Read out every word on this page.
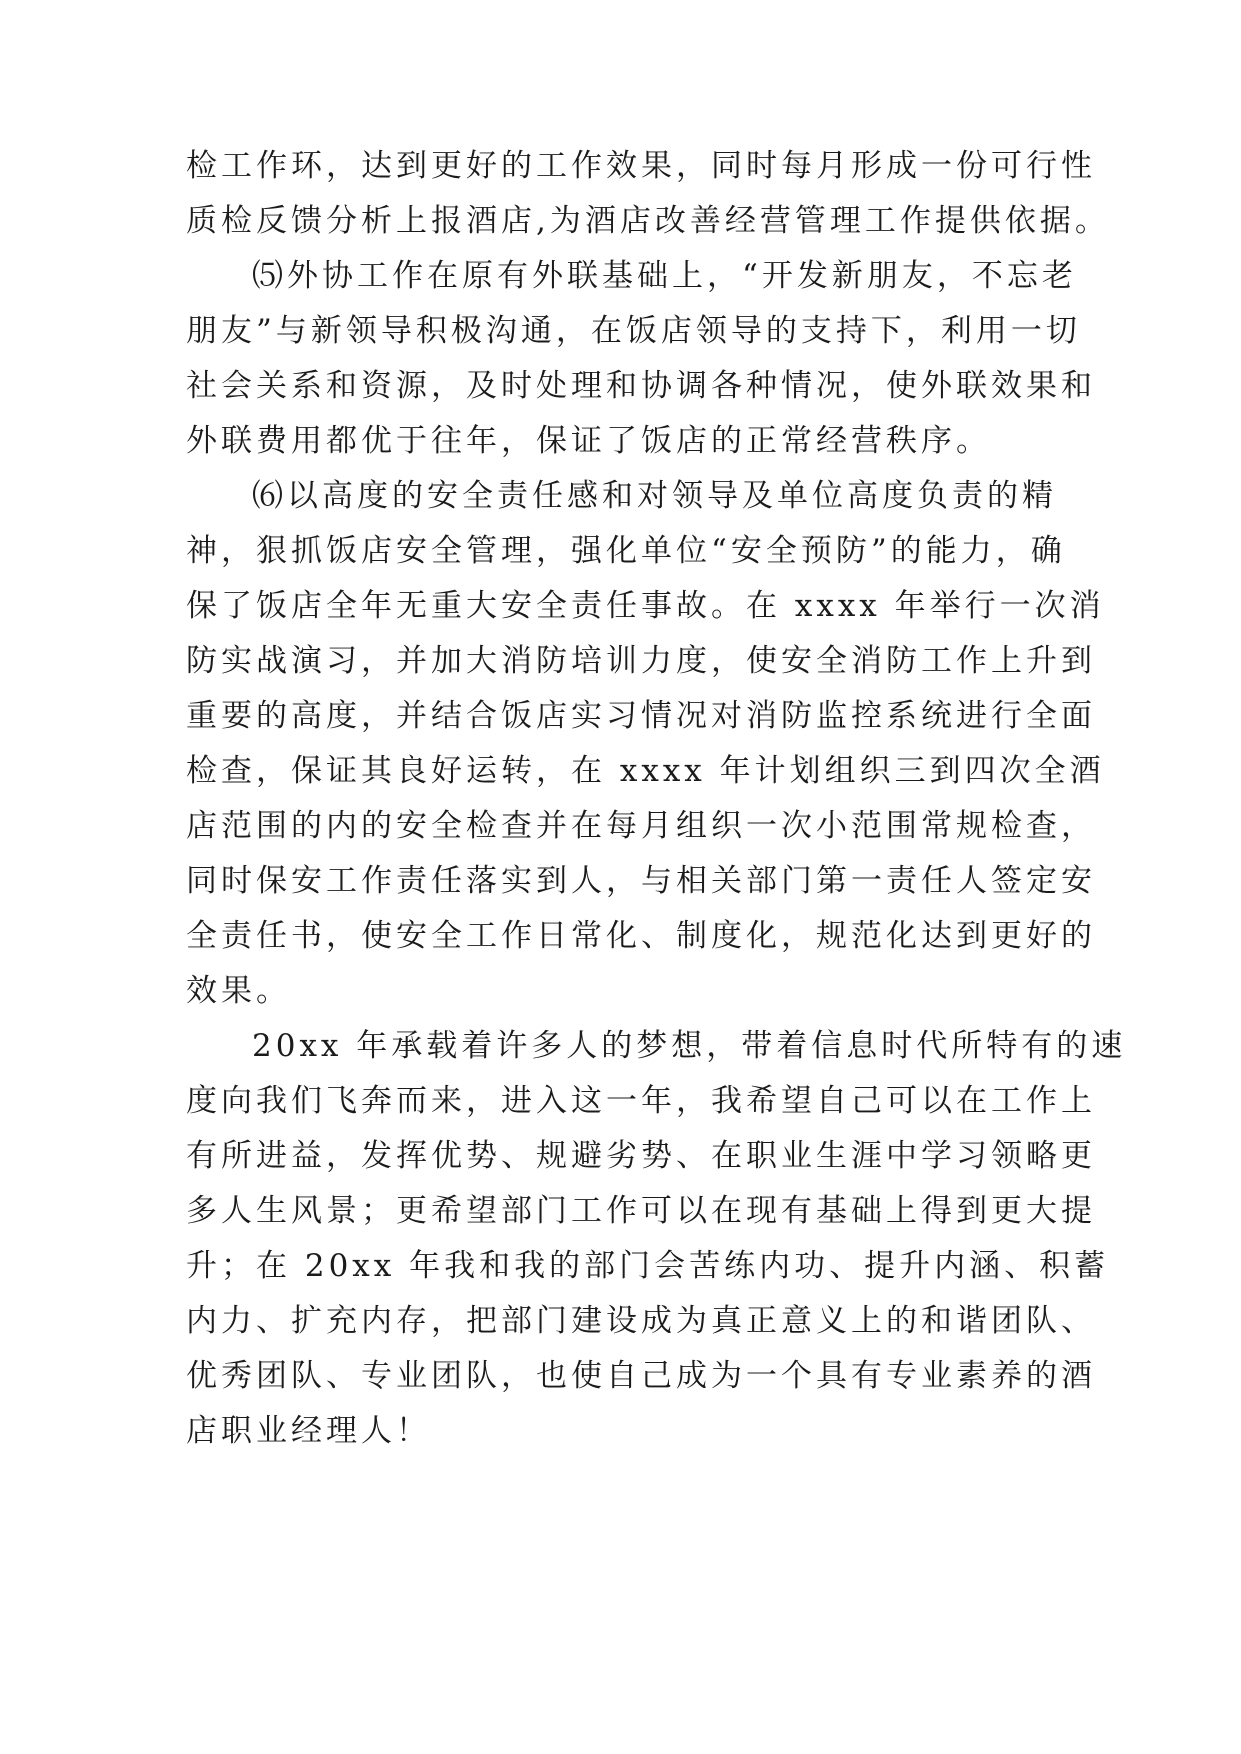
检工作环，达到更好的工作效果，同时每月形成一份可行性

质检反馈分析上报酒店,为酒店改善经营管理工作提供依据。

⑸外协工作在原有外联基础上，“开发新朋友，不忘老

朋友”与新领导积极沟通，在饭店领导的支持下，利用一切

社会关系和资源，及时处理和协调各种情况，使外联效果和

外联费用都优于往年，保证了饭店的正常经营秩序。

⑹以高度的安全责任感和对领导及单位高度负责的精

神，狠抓饭店安全管理，强化单位“安全预防”的能力，确

保了饭店全年无重大安全责任事故。在 xxxx 年举行一次消

防实战演习，并加大消防培训力度，使安全消防工作上升到

重要的高度，并结合饭店实习情况对消防监控系统进行全面

检查，保证其良好运转，在 xxxx 年计划组织三到四次全酒

店范围的内的安全检查并在每月组织一次小范围常规检查，

同时保安工作责任落实到人，与相关部门第一责任人签定安

全责任书，使安全工作日常化、制度化，规范化达到更好的

效果。

20xx 年承载着许多人的梦想，带着信息时代所特有的速

度向我们飞奔而来，进入这一年，我希望自己可以在工作上

有所进益，发挥优势、规避劣势、在职业生涯中学习领略更

多人生风景；更希望部门工作可以在现有基础上得到更大提

升；在 20xx 年我和我的部门会苦练内功、提升内涵、积蓄

内力、扩充内存，把部门建设成为真正意义上的和谐团队、

优秀团队、专业团队，也使自己成为一个具有专业素养的酒

店职业经理人！
